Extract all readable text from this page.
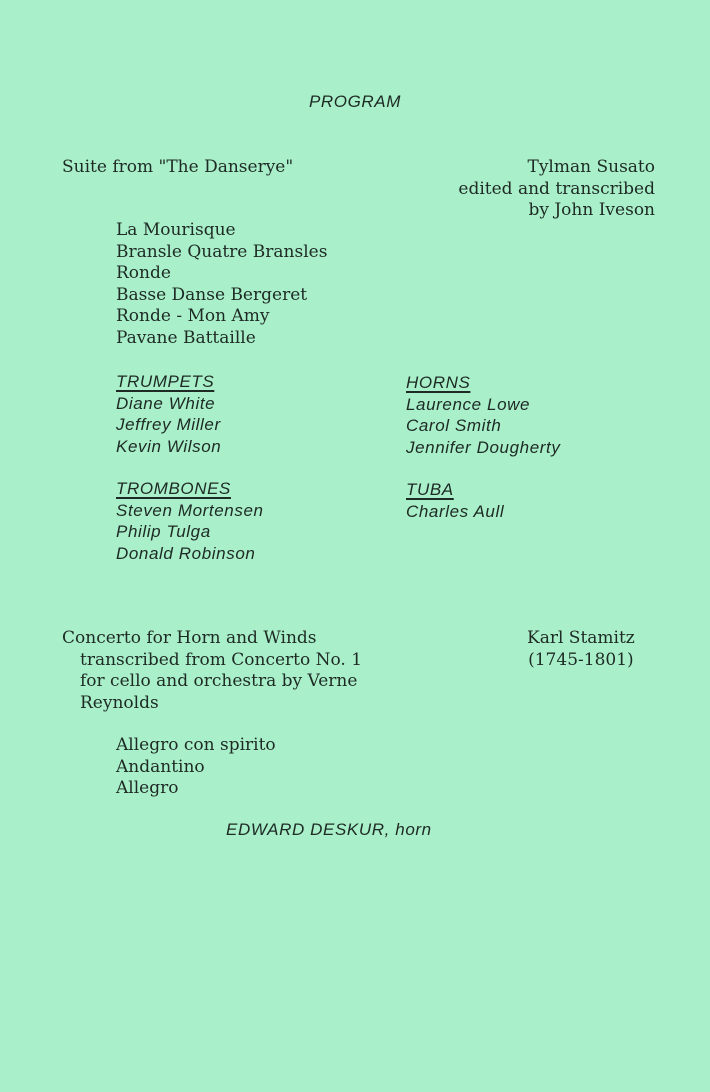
PROGRAM
Suite from "The Danserye"	Tylman Susato
edited and transcribed
by John Iveson
La Mourisque
Bransle Quatre Bransles
Ronde
Basse Danse Bergeret
Ronde - Mon Amy
Pavane Battaille
TRUMPETS
Diane White
Jeffrey Miller
Kevin Wilson
HORNS
Laurence Lowe
Carol Smith
Jennifer Dougherty
TROMBONES
Steven Mortensen
Philip Tulga
Donald Robinson
TUBA
Charles Aull
Concerto for Horn and Winds
transcribed from Concerto No. 1
for cello and orchestra by Verne
Reynolds
Karl Stamitz
(1745-1801)
Allegro con spirito
Andantino
Allegro
EDWARD DESKUR, horn
